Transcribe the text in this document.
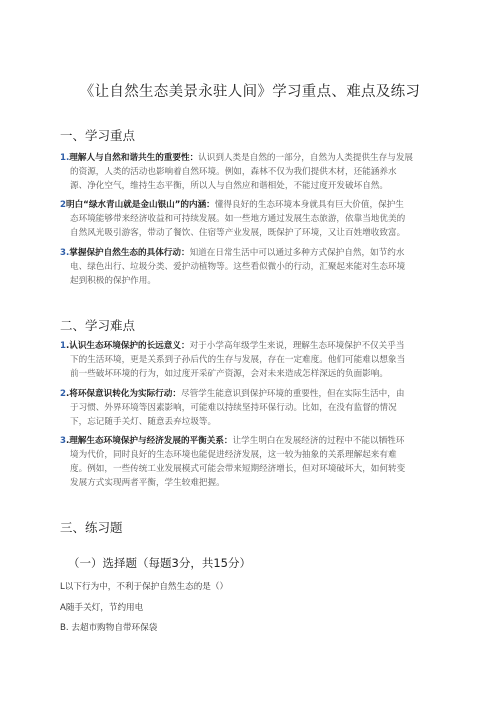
《让自然生态美景永驻人间》学习重点、难点及练习
一、学习重点
1.理解人与自然和谐共生的重要性：认识到人类是自然的一部分，自然为人类提供生存与发展
的资源，人类的活动也影响着自然环境。例如，森林不仅为我们提供木材，还能涵养水
源、净化空气，维持生态平衡，所以人与自然应和谐相处，不能过度开发破坏自然。
2明白“绿水青山就是金山银山”的内涵：懂得良好的生态环境本身就具有巨大价值，保护生
态环境能够带来经济收益和可持续发展。如一些地方通过发展生态旅游，依靠当地优美的
自然风光吸引游客，带动了餐饮、住宿等产业发展，既保护了环境，又让百姓增收致富。
3.掌握保护自然生态的具体行动：知道在日常生活中可以通过多种方式保护自然，如节约水
电、绿色出行、垃圾分类、爱护动植物等。这些看似微小的行动，汇聚起来能对生态环境
起到积极的保护作用。
二、学习难点
1.认识生态环境保护的长远意义：对于小学高年级学生来说，理解生态环境保护不仅关乎当
下的生活环境，更是关系到子孙后代的生存与发展，存在一定难度。他们可能难以想象当
前一些破坏环境的行为，如过度开采矿产资源，会对未来造成怎样深远的负面影响。
2.将环保意识转化为实际行动：尽管学生能意识到保护环境的重要性，但在实际生活中，由
于习惯、外界环境等因素影响，可能难以持续坚持环保行动。比如，在没有监督的情况
下，忘记随手关灯、随意丢弃垃圾等。
3.理解生态环境保护与经济发展的平衡关系：让学生明白在发展经济的过程中不能以牺牲环
境为代价，同时良好的生态环境也能促进经济发展，这一较为抽象的关系理解起来有难
度。例如，一些传统工业发展模式可能会带来短期经济增长，但对环境破坏大，如何转变
发展方式实现两者平衡，学生较难把握。
三、练习题
（一）选择题（每题3分，共15分）
L以下行为中，不利于保护自然生态的是（）
A随手关灯，节约用电
B. 去超市购物自带环保袋
